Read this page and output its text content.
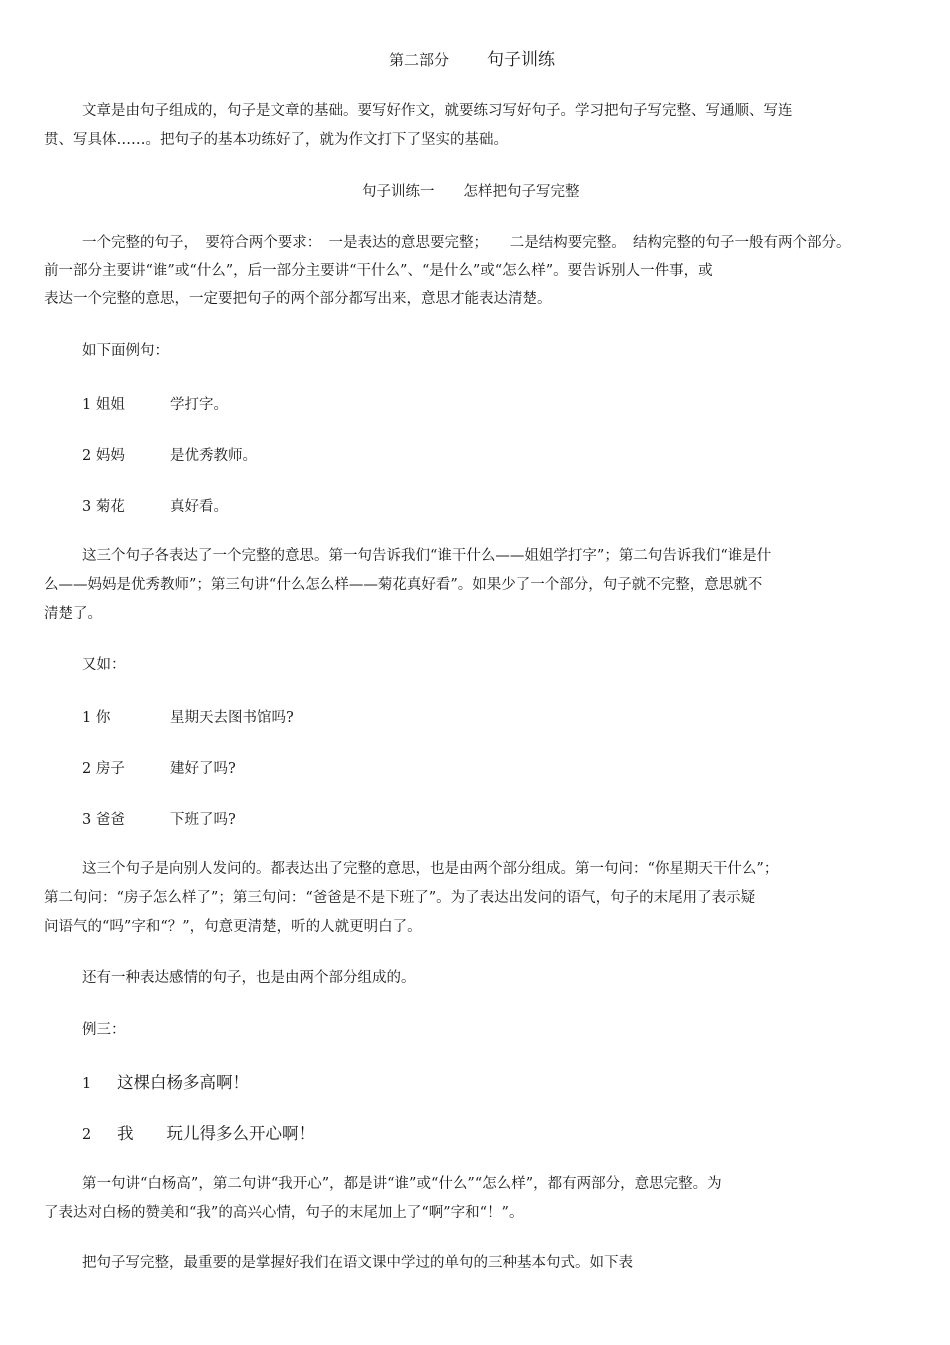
第二部分 句子训练
文章是由句子组成的，句子是文章的基础。要写好作文，就要练习写好句子。学习把句子写完整、写通顺、写连
贯、写具体……。把句子的基本功练好了，就为作文打下了坚实的基础。
句子训练一　　怎样把句子写完整
一个完整的句子，　要符合两个要求：　一是表达的意思要完整；　　二是结构要完整。　结构完整的句子一般有两个部分。
前一部分主要讲“谁”或“什么”，后一部分主要讲“干什么”、“是什么”或“怎么样”。要告诉别人一件事，或
表达一个完整的意思，一定要把句子的两个部分都写出来，意思才能表达清楚。
如下面例句：
1 姐姐	学打字。
2 妈妈	是优秀教师。
3 菊花	真好看。
这三个句子各表达了一个完整的意思。第一句告诉我们“谁干什么——姐姐学打字”；第二句告诉我们“谁是什
么——妈妈是优秀教师”；第三句讲“什么怎么样——菊花真好看”。如果少了一个部分，句子就不完整，意思就不
清楚了。
又如：
1 你	星期天去图书馆吗?
2 房子	建好了吗?
3 爸爸	下班了吗?
这三个句子是向别人发问的。都表达出了完整的意思，也是由两个部分组成。第一句问：“你星期天干什么”；
第二句问：“房子怎么样了”；第三句问：“爸爸是不是下班了”。为了表达出发问的语气，句子的末尾用了表示疑
问语气的“吗”字和“？”，句意更清楚，听的人就更明白了。
还有一种表达感情的句子，也是由两个部分组成的。
例三：
1 这棵白杨多高啊！
2 我　　玩儿得多么开心啊！
第一句讲“白杨高”，第二句讲“我开心”，都是讲“谁”或“什么”“怎么样”，都有两部分，意思完整。为
了表达对白杨的赞美和“我”的高兴心情，句子的末尾加上了“啊”字和“！”。
把句子写完整，最重要的是掌握好我们在语文课中学过的单句的三种基本句式。如下表
